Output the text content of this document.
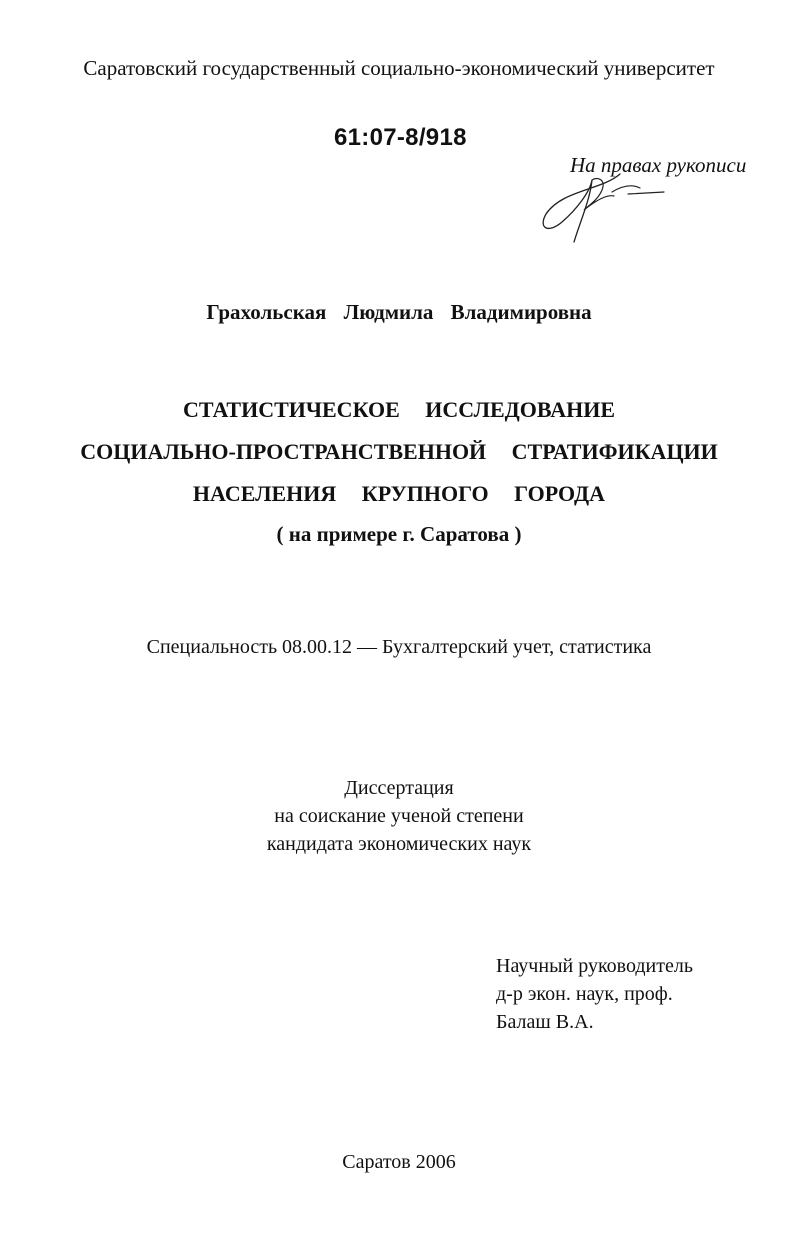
Саратовский государственный социально-экономический университет
61:07-8/918
На правах рукописи
Грахольская Людмила Владимировна
СТАТИСТИЧЕСКОЕ ИССЛЕДОВАНИЕ
СОЦИАЛЬНО-ПРОСТРАНСТВЕННОЙ СТРАТИФИКАЦИИ
НАСЕЛЕНИЯ КРУПНОГО ГОРОДА
( на примере г. Саратова )
Специальность 08.00.12 — Бухгалтерский учет, статистика
Диссертация
на соискание ученой степени
кандидата экономических наук
Научный руководитель
д-р экон. наук, проф.
Балаш В.А.
Саратов 2006
